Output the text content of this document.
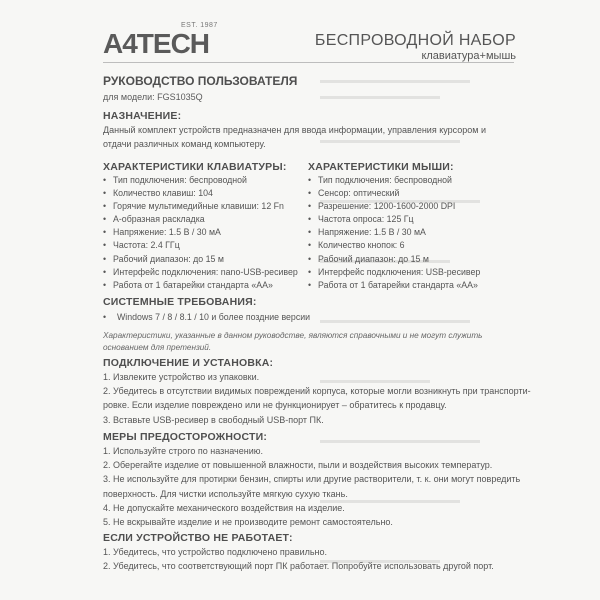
EST. 1987
A4TECH	БЕСПРОВОДНОЙ НАБОР
клавиатура+мышь
РУКОВОДСТВО ПОЛЬЗОВАТЕЛЯ
для модели: FGS1035Q
НАЗНАЧЕНИЕ:
Данный комплект устройств предназначен для ввода информации, управления курсором и отдачи различных команд компьютеру.
ХАРАКТЕРИСТИКИ КЛАВИАТУРЫ:
• Тип подключения: беспроводной
• Количество клавиш: 104
• Горячие мультимедийные клавиши: 12 Fn
• A-образная раскладка
• Напряжение: 1.5 В / 30 мА
• Частота: 2.4 ГГц
• Рабочий диапазон: до 15 м
• Интерфейс подключения: nano-USB-ресивер
• Работа от 1 батарейки стандарта «AA»
ХАРАКТЕРИСТИКИ МЫШИ:
• Тип подключения: беспроводной
• Сенсор: оптический
• Разрешение: 1200-1600-2000 DPI
• Частота опроса: 125 Гц
• Напряжение: 1.5 В / 30 мА
• Количество кнопок: 6
• Рабочий диапазон: до 15 м
• Интерфейс подключения: USB-ресивер
• Работа от 1 батарейки стандарта «AA»
СИСТЕМНЫЕ ТРЕБОВАНИЯ:
• Windows 7 / 8 / 8.1 / 10 и более поздние версии
Характеристики, указанные в данном руководстве, являются справочными и не могут служить основанием для претензий.
ПОДКЛЮЧЕНИЕ И УСТАНОВКА:
1. Извлеките устройство из упаковки.
2. Убедитесь в отсутствии видимых повреждений корпуса, которые могли возникнуть при транспорти-
ровке. Если изделие повреждено или не функционирует – обратитесь к продавцу.
3. Вставьте USB-ресивер в свободный USB-порт ПК.
МЕРЫ ПРЕДОСТОРОЖНОСТИ:
1. Используйте строго по назначению.
2. Оберегайте изделие от повышенной влажности, пыли и воздействия высоких температур.
3. Не используйте для протирки бензин, спирты или другие растворители, т. к. они могут повредить
поверхность. Для чистки используйте мягкую сухую ткань.
4. Не допускайте механического воздействия на изделие.
5. Не вскрывайте изделие и не производите ремонт самостоятельно.
ЕСЛИ УСТРОЙСТВО НЕ РАБОТАЕТ:
1. Убедитесь, что устройство подключено правильно.
2. Убедитесь, что соответствующий порт ПК работает. Попробуйте использовать другой порт.
